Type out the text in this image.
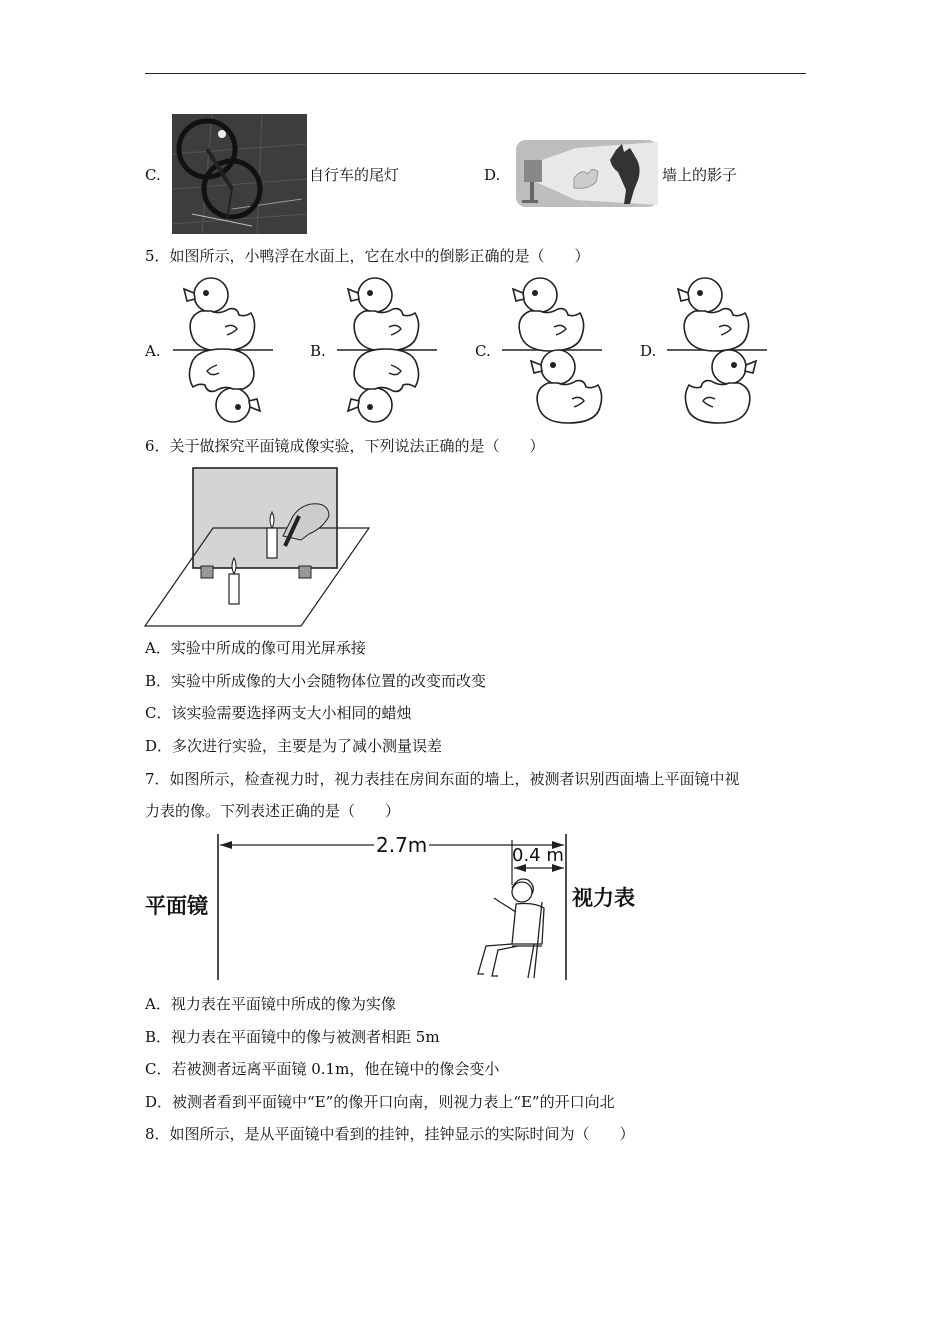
C.	自行车的尾灯	D.	墙上的影子
5．如图所示，小鸭浮在水面上，它在水中的倒影正确的是（　　）
A.	B.	C.	D.
6．关于做探究平面镜成像实验，下列说法正确的是（　　）
A．实验中所成的像可用光屏承接
B．实验中所成像的大小会随物体位置的改变而改变
C．该实验需要选择两支大小相同的蜡烛
D．多次进行实验，主要是为了减小测量误差
7．如图所示，检查视力时，视力表挂在房间东面的墙上，被测者识别西面墙上平面镜中视
力表的像。下列表述正确的是（　　）
2.7m	0.4 m
平面镜	视力表
A．视力表在平面镜中所成的像为实像
B．视力表在平面镜中的像与被测者相距 5m
C．若被测者远离平面镜 0.1m，他在镜中的像会变小
D．被测者看到平面镜中“E”的像开口向南，则视力表上“E”的开口向北
8．如图所示，是从平面镜中看到的挂钟，挂钟显示的实际时间为（　　）
